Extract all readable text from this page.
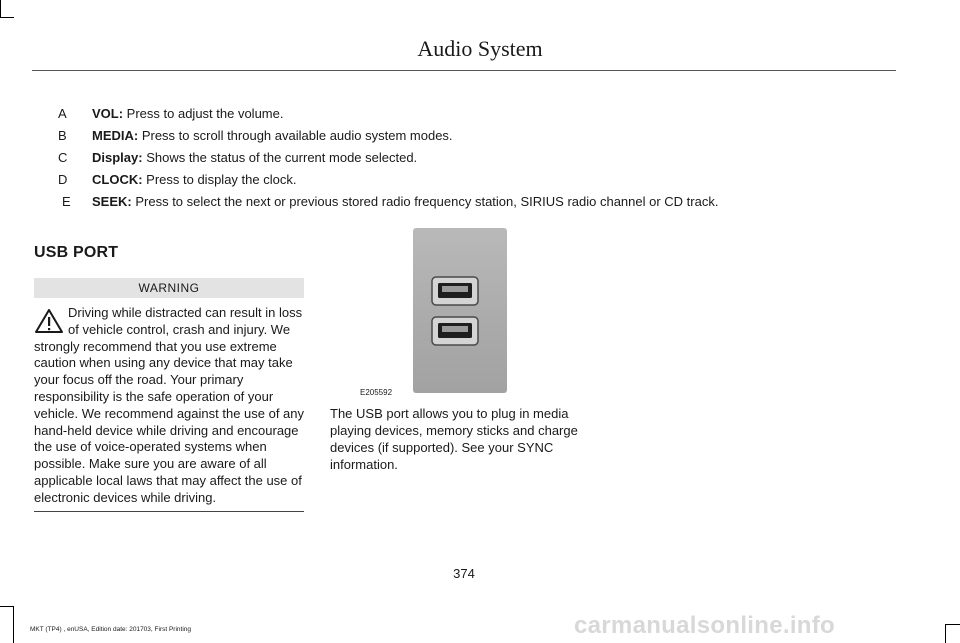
Audio System
A VOL: Press to adjust the volume.
B MEDIA: Press to scroll through available audio system modes.
C Display: Shows the status of the current mode selected.
D CLOCK: Press to display the clock.
E SEEK: Press to select the next or previous stored radio frequency station, SIRIUS radio channel or CD track.
USB PORT
WARNING
Driving while distracted can result in loss of vehicle control, crash and injury. We strongly recommend that you use extreme caution when using any device that may take your focus off the road. Your primary responsibility is the safe operation of your vehicle. We recommend against the use of any hand-held device while driving and encourage the use of voice-operated systems when possible. Make sure you are aware of all applicable local laws that may affect the use of electronic devices while driving.
E205592
The USB port allows you to plug in media playing devices, memory sticks and charge devices (if supported). See your SYNC information.
374
MKT (TP4) , enUSA, Edition date: 201703, First Printing	carmanualsonline.info
